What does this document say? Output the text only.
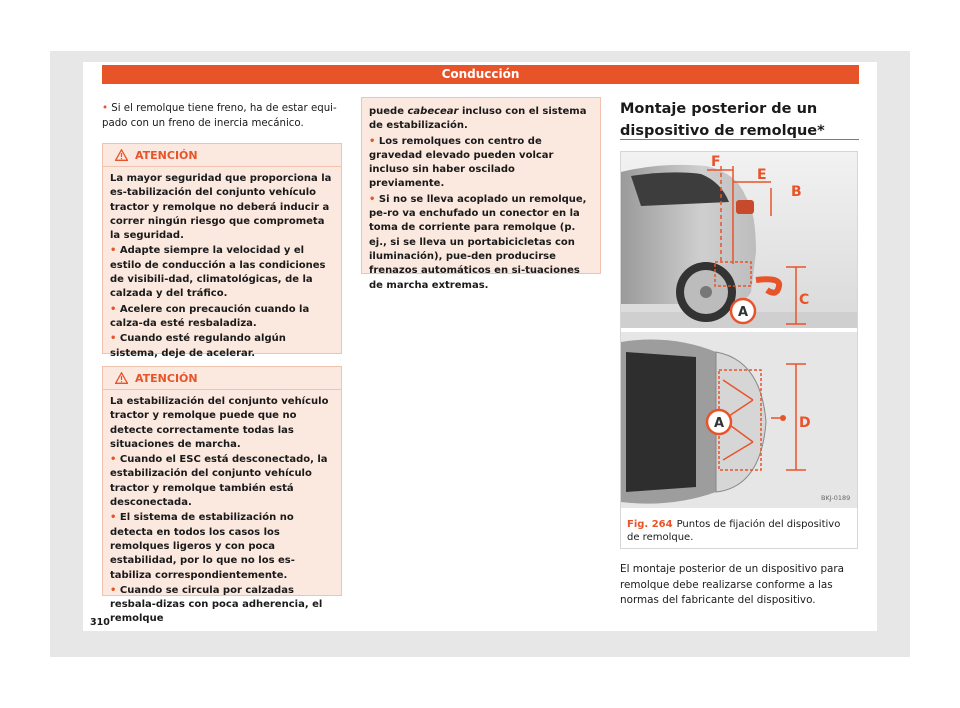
Conducción

• Si el remolque tiene freno, ha de estar equi-pado con un freno de inercia mecánico.

ATENCIÓN

La mayor seguridad que proporciona la es-tabilización del conjunto vehículo tractor y remolque no deberá inducir a correr ningún riesgo que comprometa la seguridad.

• Adapte siempre la velocidad y el estilo de conducción a las condiciones de visibili-dad, climatológicas, de la calzada y del tráfico.

• Acelere con precaución cuando la calza-da esté resbaladiza.

• Cuando esté regulando algún sistema, deje de acelerar.

ATENCIÓN

La estabilización del conjunto vehículo tractor y remolque puede que no detecte correctamente todas las situaciones de marcha.

• Cuando el ESC está desconectado, la estabilización del conjunto vehículo tractor y remolque también está desconectada.

• El sistema de estabilización no detecta en todos los casos los remolques ligeros y con poca estabilidad, por lo que no los es-tabiliza correspondientemente.

• Cuando se circula por calzadas resbala-dizas con poca adherencia, el remolque

puede cabecear incluso con el sistema de estabilización.

• Los remolques con centro de gravedad elevado pueden volcar incluso sin haber oscilado previamente.

• Si no se lleva acoplado un remolque, pe-ro va enchufado un conector en la toma de corriente para remolque (p. ej., si se lleva un portabicicletas con iluminación), pue-den producirse frenazos automáticos en si-tuaciones de marcha extremas.

Montaje posterior de un dispositivo de remolque*
F
E
B
C
A
A	D
BKJ-0189
Fig. 264 Puntos de fijación del dispositivo de remolque.
El montaje posterior de un dispositivo para remolque debe realizarse conforme a las normas del fabricante del dispositivo.
310
